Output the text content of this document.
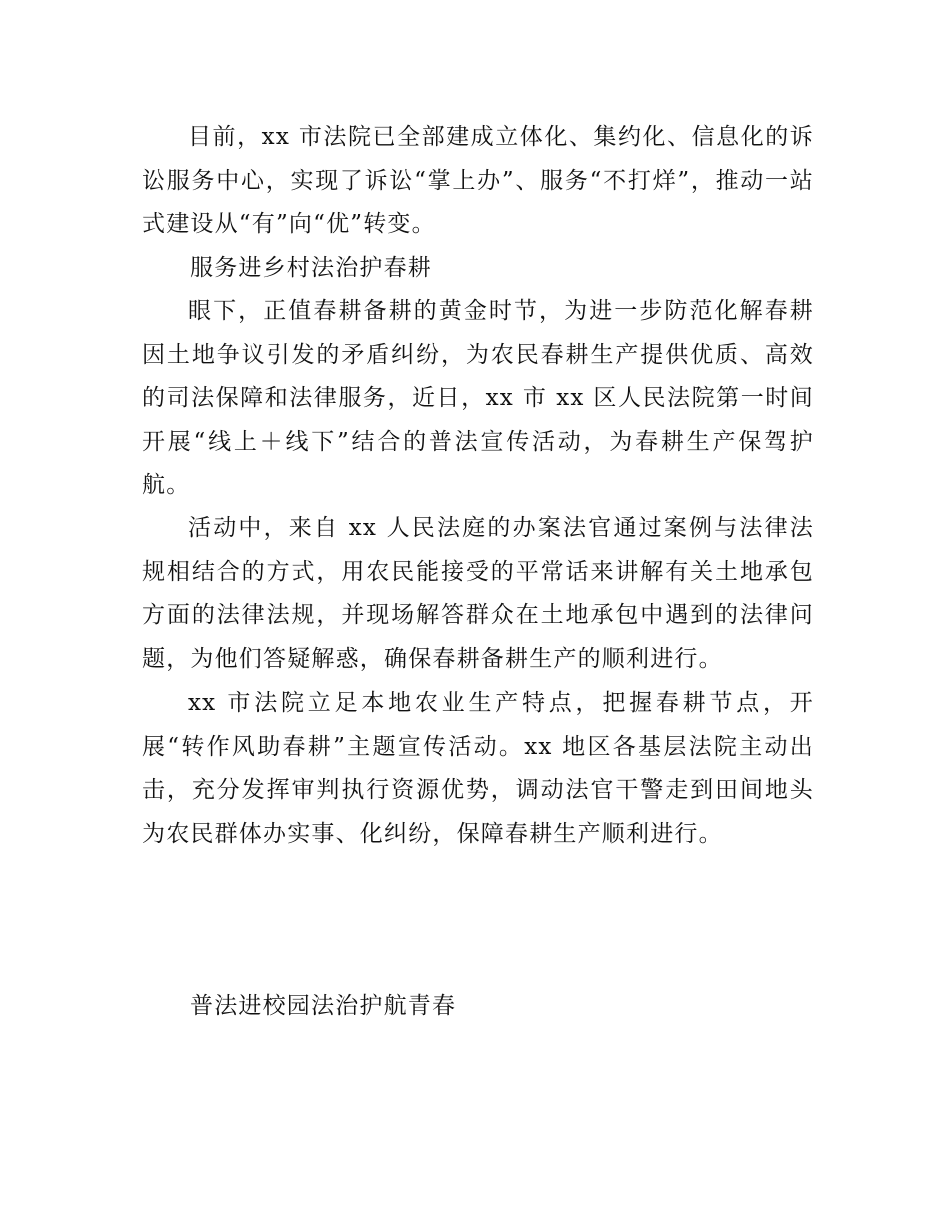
目前，xx 市法院已全部建成立体化、集约化、信息化的诉讼服务中心，实现了诉讼“掌上办”、服务“不打烊”，推动一站式建设从“有”向“优”转变。

服务进乡村法治护春耕

眼下，正值春耕备耕的黄金时节，为进一步防范化解春耕因土地争议引发的矛盾纠纷，为农民春耕生产提供优质、高效的司法保障和法律服务，近日，xx 市 xx 区人民法院第一时间开展“线上＋线下”结合的普法宣传活动，为春耕生产保驾护航。

活动中，来自 xx 人民法庭的办案法官通过案例与法律法规相结合的方式，用农民能接受的平常话来讲解有关土地承包方面的法律法规，并现场解答群众在土地承包中遇到的法律问题，为他们答疑解惑，确保春耕备耕生产的顺利进行。

xx 市法院立足本地农业生产特点，把握春耕节点，开展“转作风助春耕”主题宣传活动。xx 地区各基层法院主动出击，充分发挥审判执行资源优势，调动法官干警走到田间地头为农民群体办实事、化纠纷，保障春耕生产顺利进行。

普法进校园法治护航青春
